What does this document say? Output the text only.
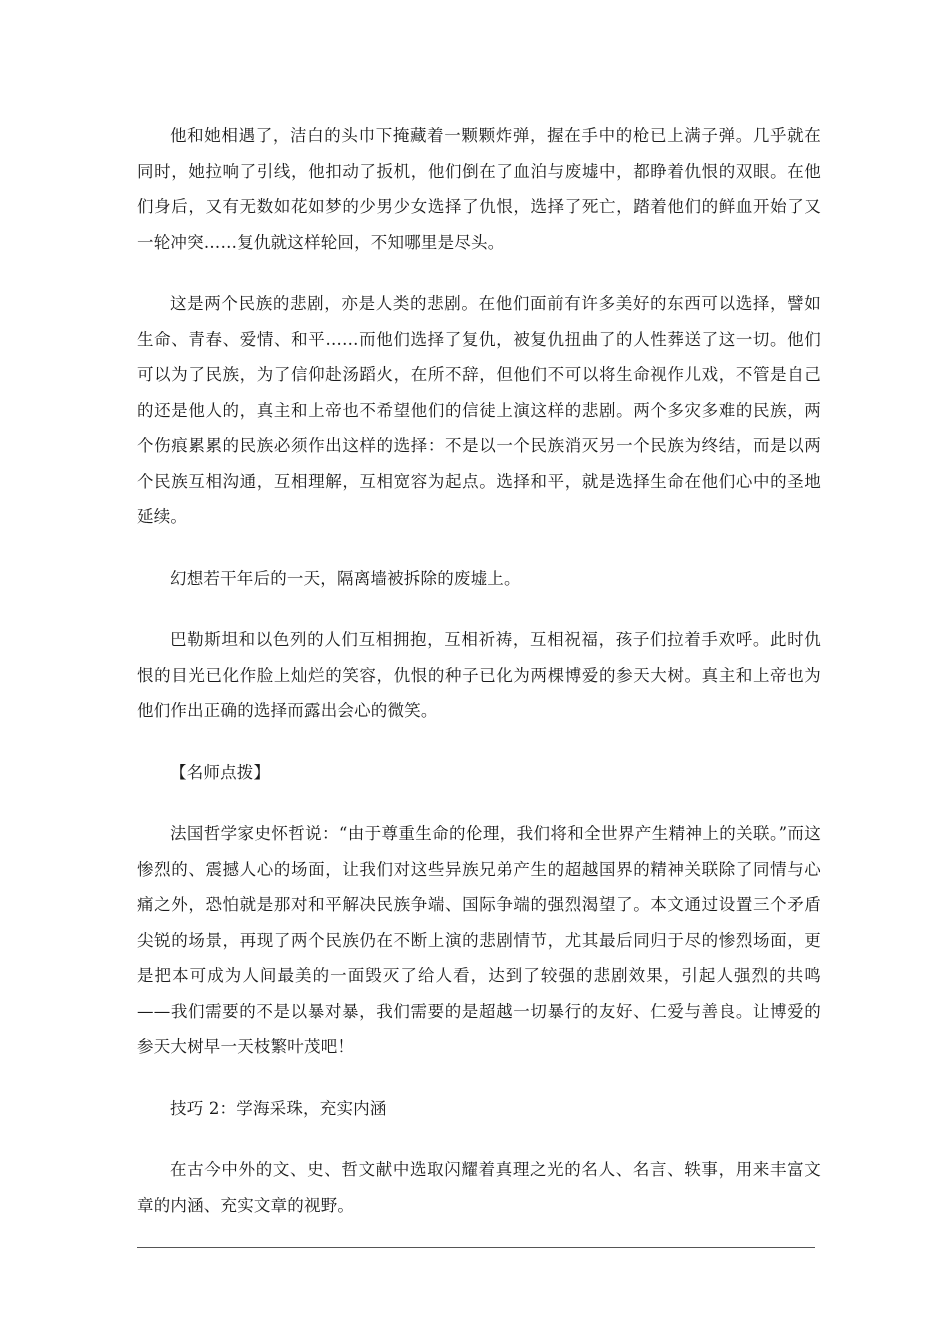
他和她相遇了，洁白的头巾下掩藏着一颗颗炸弹，握在手中的枪已上满子弹。几乎就在同时，她拉响了引线，他扣动了扳机，他们倒在了血泊与废墟中，都睁着仇恨的双眼。在他们身后，又有无数如花如梦的少男少女选择了仇恨，选择了死亡，踏着他们的鲜血开始了又一轮冲突……复仇就这样轮回，不知哪里是尽头。

这是两个民族的悲剧，亦是人类的悲剧。在他们面前有许多美好的东西可以选择，譬如生命、青春、爱情、和平……而他们选择了复仇，被复仇扭曲了的人性葬送了这一切。他们可以为了民族，为了信仰赴汤蹈火，在所不辞，但他们不可以将生命视作儿戏，不管是自己的还是他人的，真主和上帝也不希望他们的信徒上演这样的悲剧。两个多灾多难的民族，两个伤痕累累的民族必须作出这样的选择：不是以一个民族消灭另一个民族为终结，而是以两个民族互相沟通，互相理解，互相宽容为起点。选择和平，就是选择生命在他们心中的圣地延续。

幻想若干年后的一天，隔离墙被拆除的废墟上。

巴勒斯坦和以色列的人们互相拥抱，互相祈祷，互相祝福，孩子们拉着手欢呼。此时仇恨的目光已化作脸上灿烂的笑容，仇恨的种子已化为两棵博爱的参天大树。真主和上帝也为他们作出正确的选择而露出会心的微笑。

【名师点拨】

法国哲学家史怀哲说：“由于尊重生命的伦理，我们将和全世界产生精神上的关联。”而这惨烈的、震撼人心的场面，让我们对这些异族兄弟产生的超越国界的精神关联除了同情与心痛之外，恐怕就是那对和平解决民族争端、国际争端的强烈渴望了。本文通过设置三个矛盾尖锐的场景，再现了两个民族仍在不断上演的悲剧情节，尤其最后同归于尽的惨烈场面，更是把本可成为人间最美的一面毁灭了给人看，达到了较强的悲剧效果，引起人强烈的共鸣——我们需要的不是以暴对暴，我们需要的是超越一切暴行的友好、仁爱与善良。让博爱的参天大树早一天枝繁叶茂吧！

技巧 2：学海采珠，充实内涵

在古今中外的文、史、哲文献中选取闪耀着真理之光的名人、名言、轶事，用来丰富文章的内涵、充实文章的视野。
